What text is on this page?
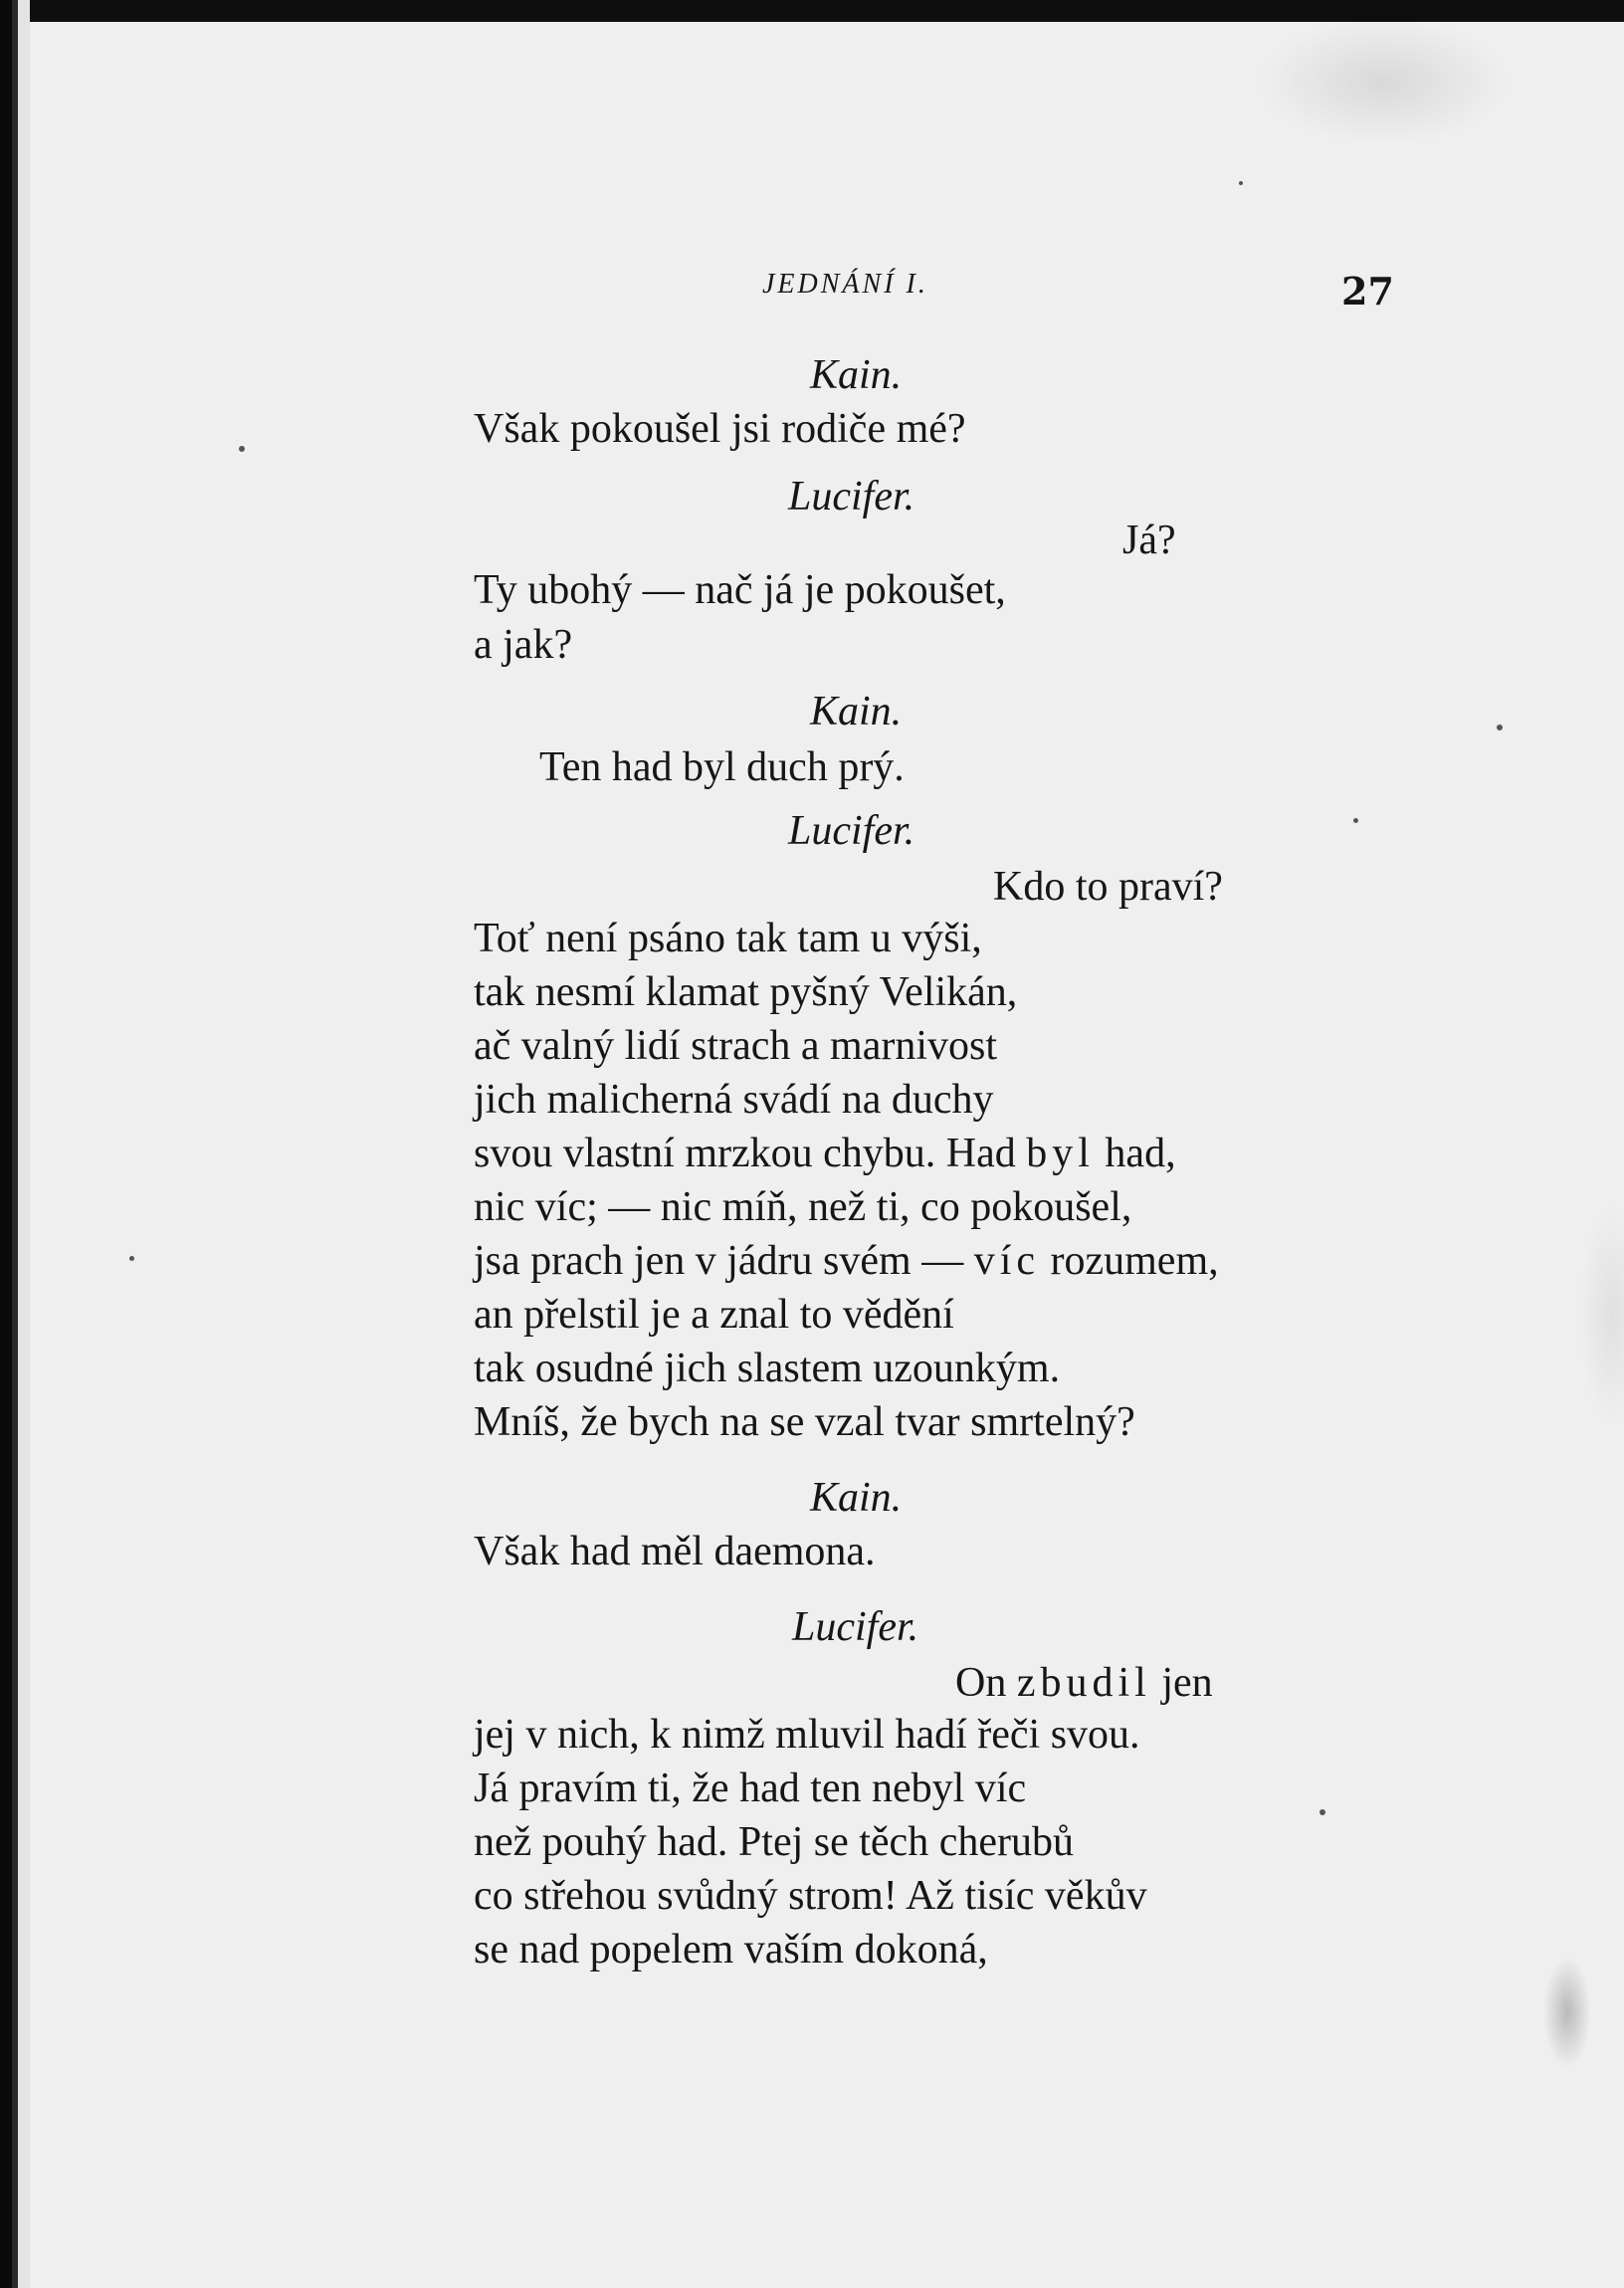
JEDNÁNÍ I.	27
Kain.
Však pokoušel jsi rodiče mé?
Lucifer.
Já?
Ty ubohý — nač já je pokoušet,
a jak?
Kain.
Ten had byl duch prý.
Lucifer.
Kdo to praví?
Toť není psáno tak tam u výši,
tak nesmí klamat pyšný Velikán,
ač valný lidí strach a marnivost
jich malicherná svádí na duchy
svou vlastní mrzkou chybu. Had byl had,
nic víc; — nic míň, než ti, co pokoušel,
jsa prach jen v jádru svém — víc rozumem,
an přelstil je a znal to vědění
tak osudné jich slastem uzounkým.
Mníš, že bych na se vzal tvar smrtelný?
Kain.
Však had měl daemona.
Lucifer.
On zbudil jen
jej v nich, k nimž mluvil hadí řeči svou.
Já pravím ti, že had ten nebyl víc
než pouhý had. Ptej se těch cherubů
co střehou svůdný strom! Až tisíc věkův
se nad popelem vaším dokoná,
